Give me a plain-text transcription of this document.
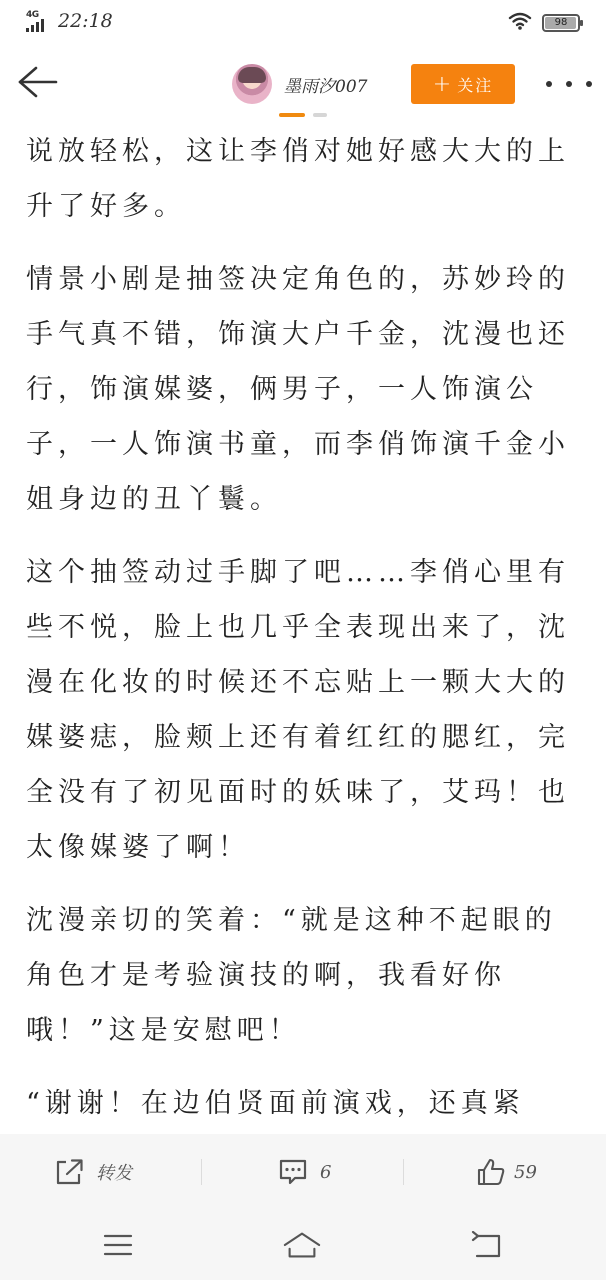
4G 22:18	98
墨雨汐007	+ 关注

说放轻松，这让李俏对她好感大大的上升了好多。

情景小剧是抽签决定角色的，苏妙玲的手气真不错，饰演大户千金，沈漫也还行，饰演媒婆，俩男子，一人饰演公子，一人饰演书童，而李俏饰演千金小姐身边的丑丫鬟。

这个抽签动过手脚了吧……李俏心里有些不悦，脸上也几乎全表现出来了，沈漫在化妆的时候还不忘贴上一颗大大的媒婆痣，脸颊上还有着红红的腮红，完全没有了初见面时的妖味了，艾玛！也太像媒婆了啊！

沈漫亲切的笑着：“就是这种不起眼的角色才是考验演技的啊，我看好你哦！”这是安慰吧！

“谢谢！在边伯贤面前演戏，还真紧

转发	6	59
